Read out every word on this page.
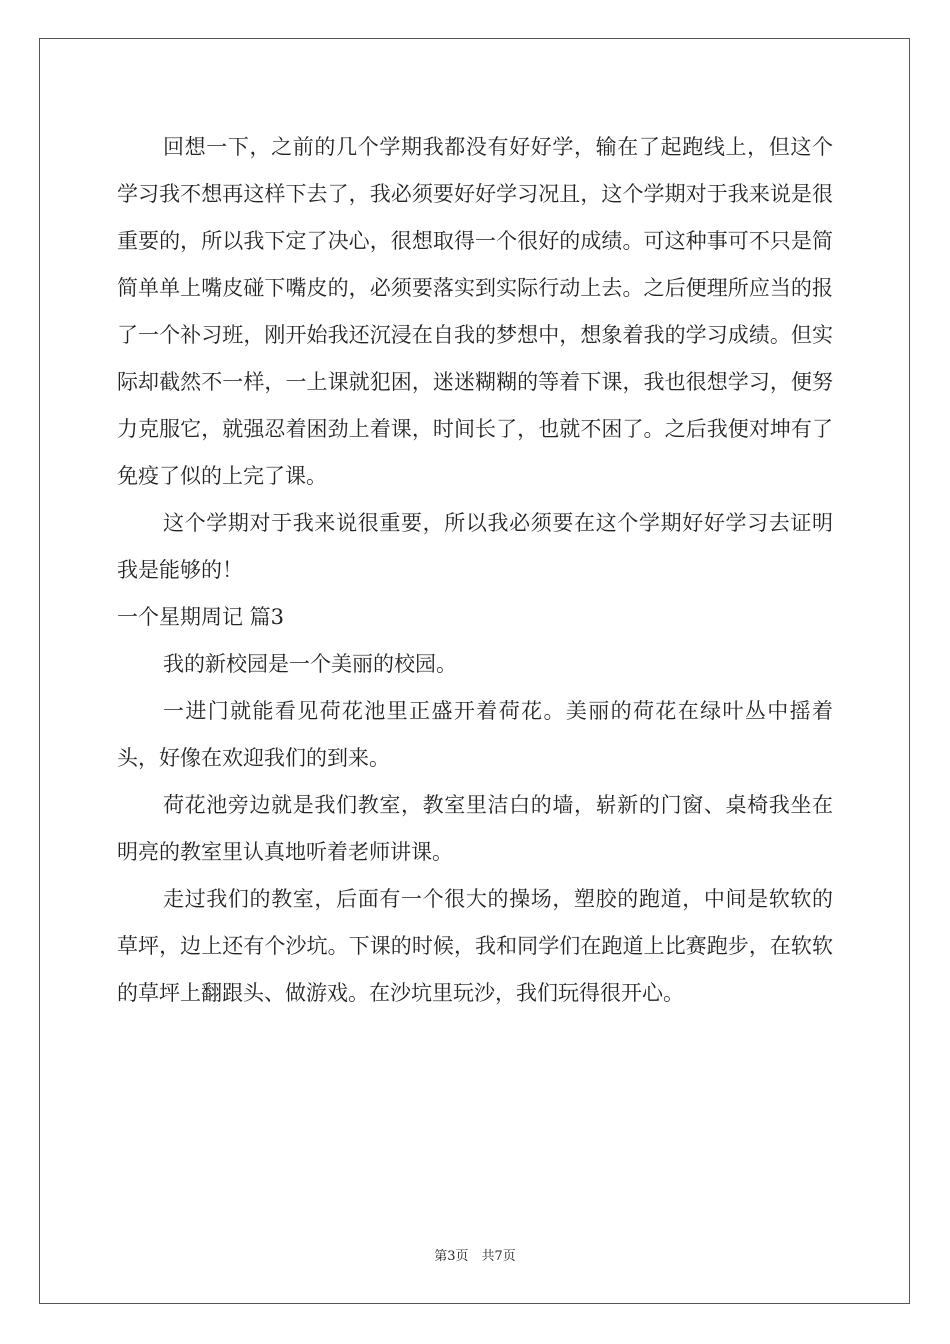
回想一下，之前的几个学期我都没有好好学，输在了起跑线上，但这个学习我不想再这样下去了，我必须要好好学习况且，这个学期对于我来说是很重要的，所以我下定了决心，很想取得一个很好的成绩。可这种事可不只是简简单单上嘴皮碰下嘴皮的，必须要落实到实际行动上去。之后便理所应当的报了一个补习班，刚开始我还沉浸在自我的梦想中，想象着我的学习成绩。但实际却截然不一样，一上课就犯困，迷迷糊糊的等着下课，我也很想学习，便努力克服它，就强忍着困劲上着课，时间长了，也就不困了。之后我便对坤有了免疫了似的上完了课。

这个学期对于我来说很重要，所以我必须要在这个学期好好学习去证明我是能够的！

一个星期周记 篇3

我的新校园是一个美丽的校园。

一进门就能看见荷花池里正盛开着荷花。美丽的荷花在绿叶丛中摇着头，好像在欢迎我们的到来。

荷花池旁边就是我们教室，教室里洁白的墙，崭新的门窗、桌椅我坐在明亮的教室里认真地听着老师讲课。

走过我们的教室，后面有一个很大的操场，塑胶的跑道，中间是软软的草坪，边上还有个沙坑。下课的时候，我和同学们在跑道上比赛跑步，在软软的草坪上翻跟头、做游戏。在沙坑里玩沙，我们玩得很开心。

第3页　共7页
